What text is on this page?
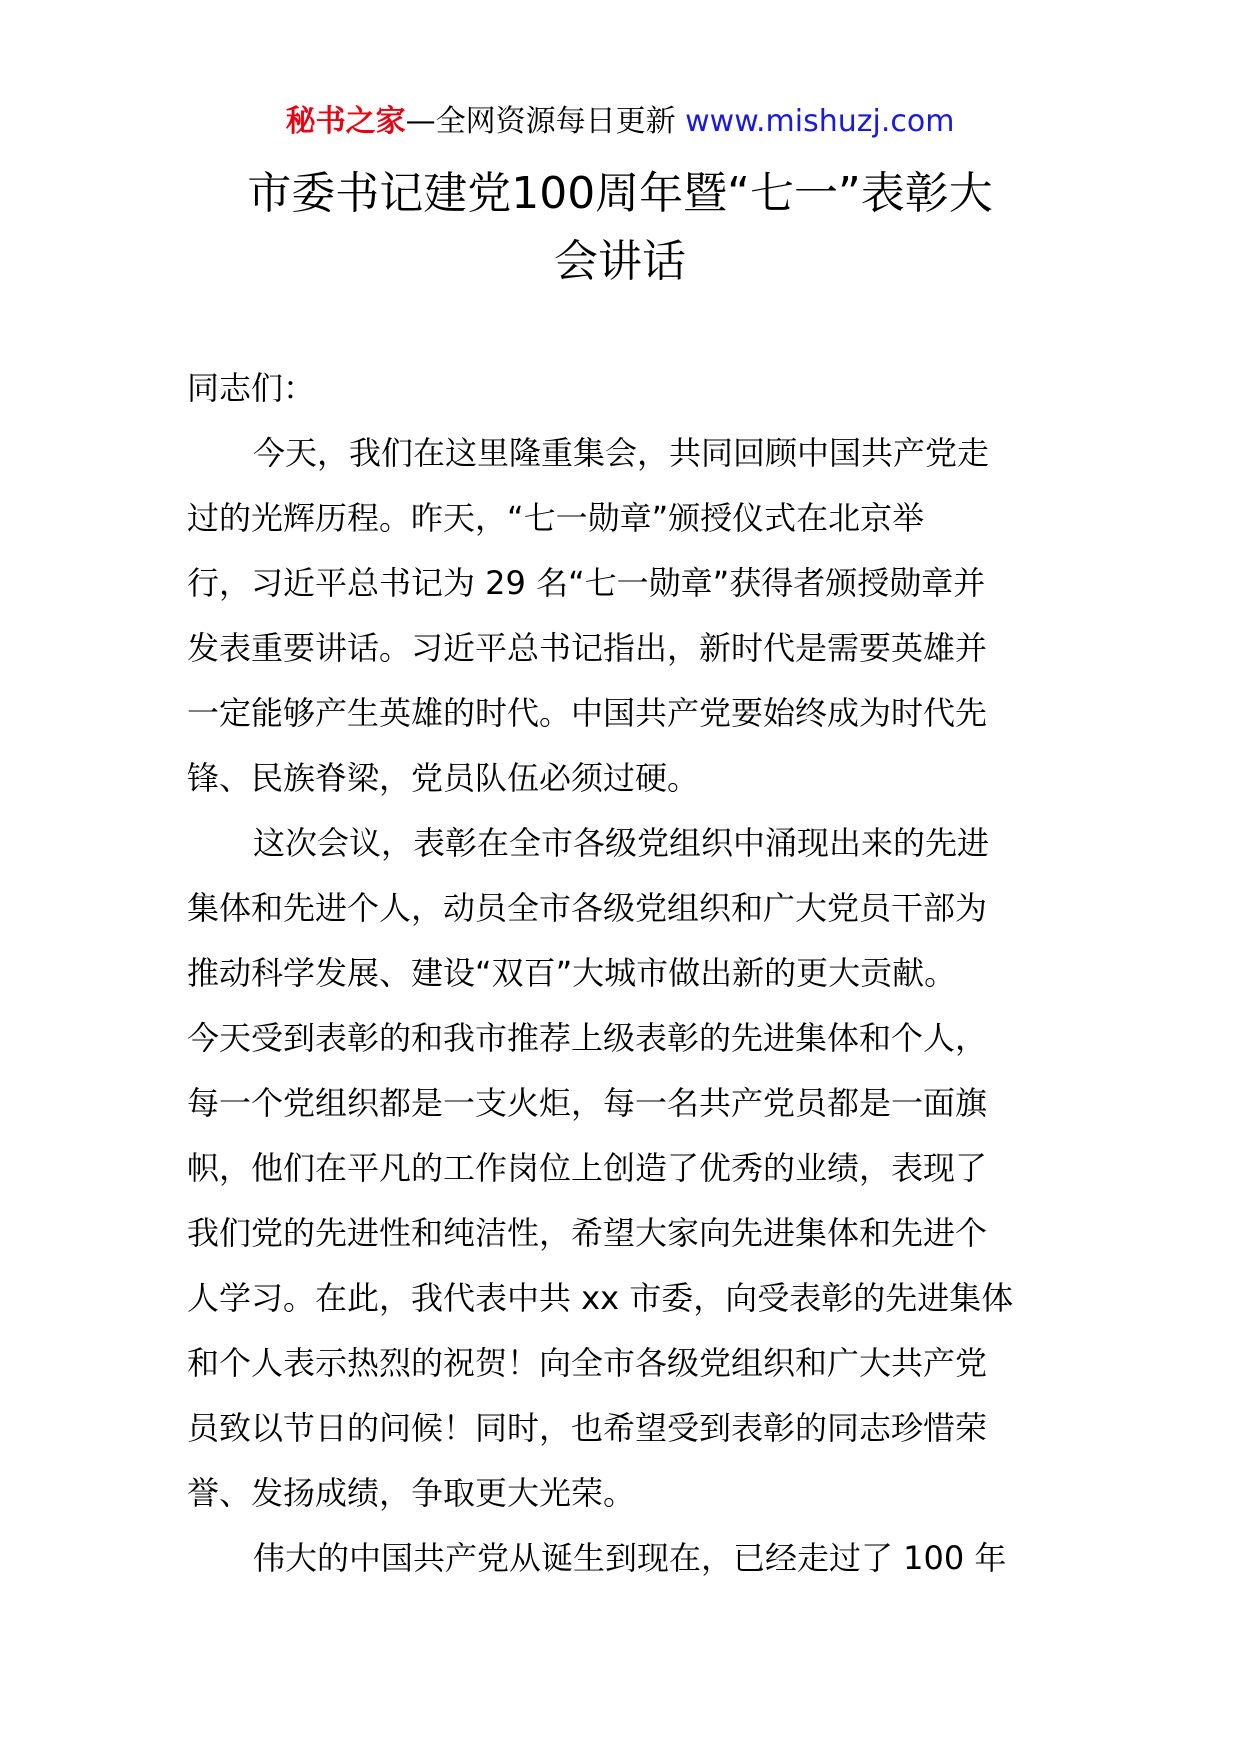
秘书之家—全网资源每日更新 www.mishuzj.com
市委书记建党100周年暨“七一”表彰大
会讲话
同志们：
今天，我们在这里隆重集会，共同回顾中国共产党走
过的光辉历程。昨天，“七一勋章”颁授仪式在北京举
行，习近平总书记为 29 名“七一勋章”获得者颁授勋章并
发表重要讲话。习近平总书记指出，新时代是需要英雄并
一定能够产生英雄的时代。中国共产党要始终成为时代先
锋、民族脊梁，党员队伍必须过硬。
这次会议，表彰在全市各级党组织中涌现出来的先进
集体和先进个人，动员全市各级党组织和广大党员干部为
推动科学发展、建设“双百”大城市做出新的更大贡献。
今天受到表彰的和我市推荐上级表彰的先进集体和个人，
每一个党组织都是一支火炬，每一名共产党员都是一面旗
帜，他们在平凡的工作岗位上创造了优秀的业绩，表现了
我们党的先进性和纯洁性，希望大家向先进集体和先进个
人学习。在此，我代表中共 xx 市委，向受表彰的先进集体
和个人表示热烈的祝贺！向全市各级党组织和广大共产党
员致以节日的问候！同时，也希望受到表彰的同志珍惜荣
誉、发扬成绩，争取更大光荣。
伟大的中国共产党从诞生到现在，已经走过了 100 年
